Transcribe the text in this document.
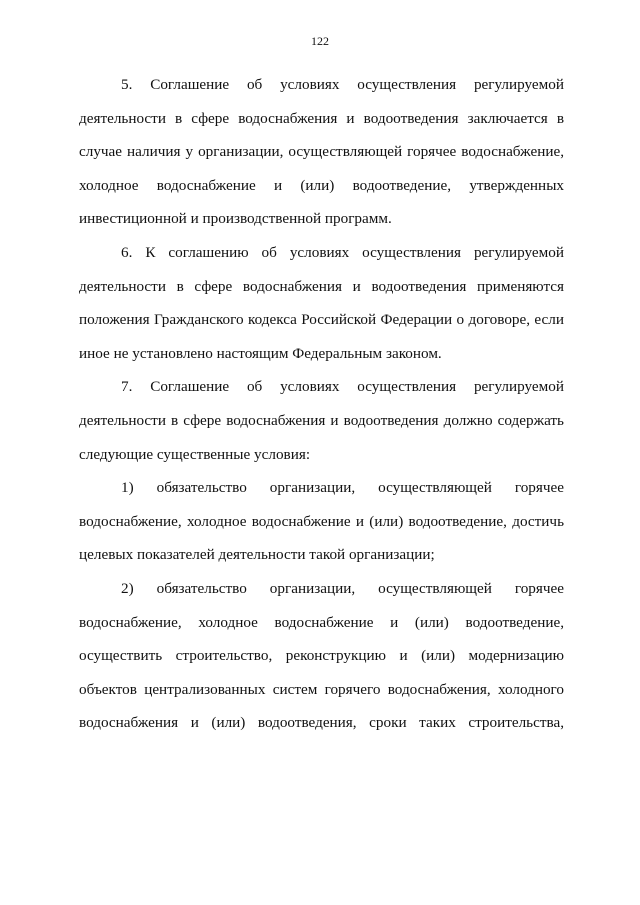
122
5. Соглашение об условиях осуществления регулируемой
деятельности в сфере водоснабжения и водоотведения заключается в
случае наличия у организации, осуществляющей горячее водоснабжение,
холодное водоснабжение и (или) водоотведение, утвержденных
инвестиционной и производственной программ.
6. К соглашению об условиях осуществления регулируемой
деятельности в сфере водоснабжения и водоотведения применяются
положения Гражданского кодекса Российской Федерации о договоре, если
иное не установлено настоящим Федеральным законом.
7. Соглашение об условиях осуществления регулируемой
деятельности в сфере водоснабжения и водоотведения должно содержать
следующие существенные условия:
1) обязательство организации, осуществляющей горячее
водоснабжение, холодное водоснабжение и (или) водоотведение, достичь
целевых показателей деятельности такой организации;
2) обязательство организации, осуществляющей горячее
водоснабжение, холодное водоснабжение и (или) водоотведение,
осуществить строительство, реконструкцию и (или) модернизацию
объектов централизованных систем горячего водоснабжения, холодного
водоснабжения и (или) водоотведения, сроки таких строительства,
